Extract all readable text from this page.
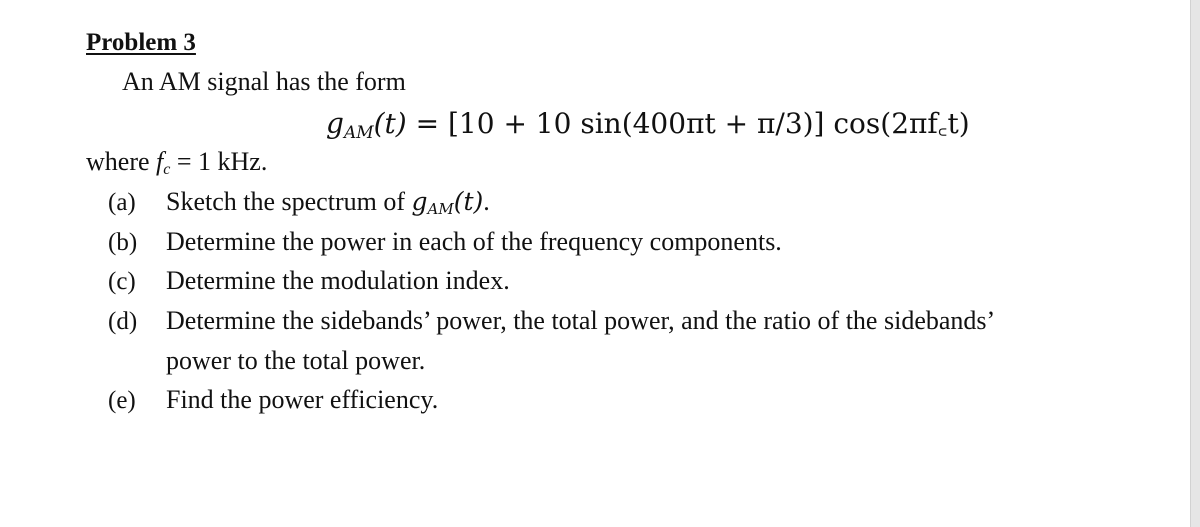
Problem 3
An AM signal has the form
$g_{AM}(t) = [10 + 10$ sin(400πt + π/3)] cos(2πf꜀t)
where $f_c = 1$ kHz.
(a) Sketch the spectrum of $g_{AM}(t)$.
(b) Determine the power in each of the frequency components.
(c) Determine the modulation index.
(d) Determine the sidebands’ power, the total power, and the ratio of the sidebands’
power to the total power.
(e) Find the power efficiency.
